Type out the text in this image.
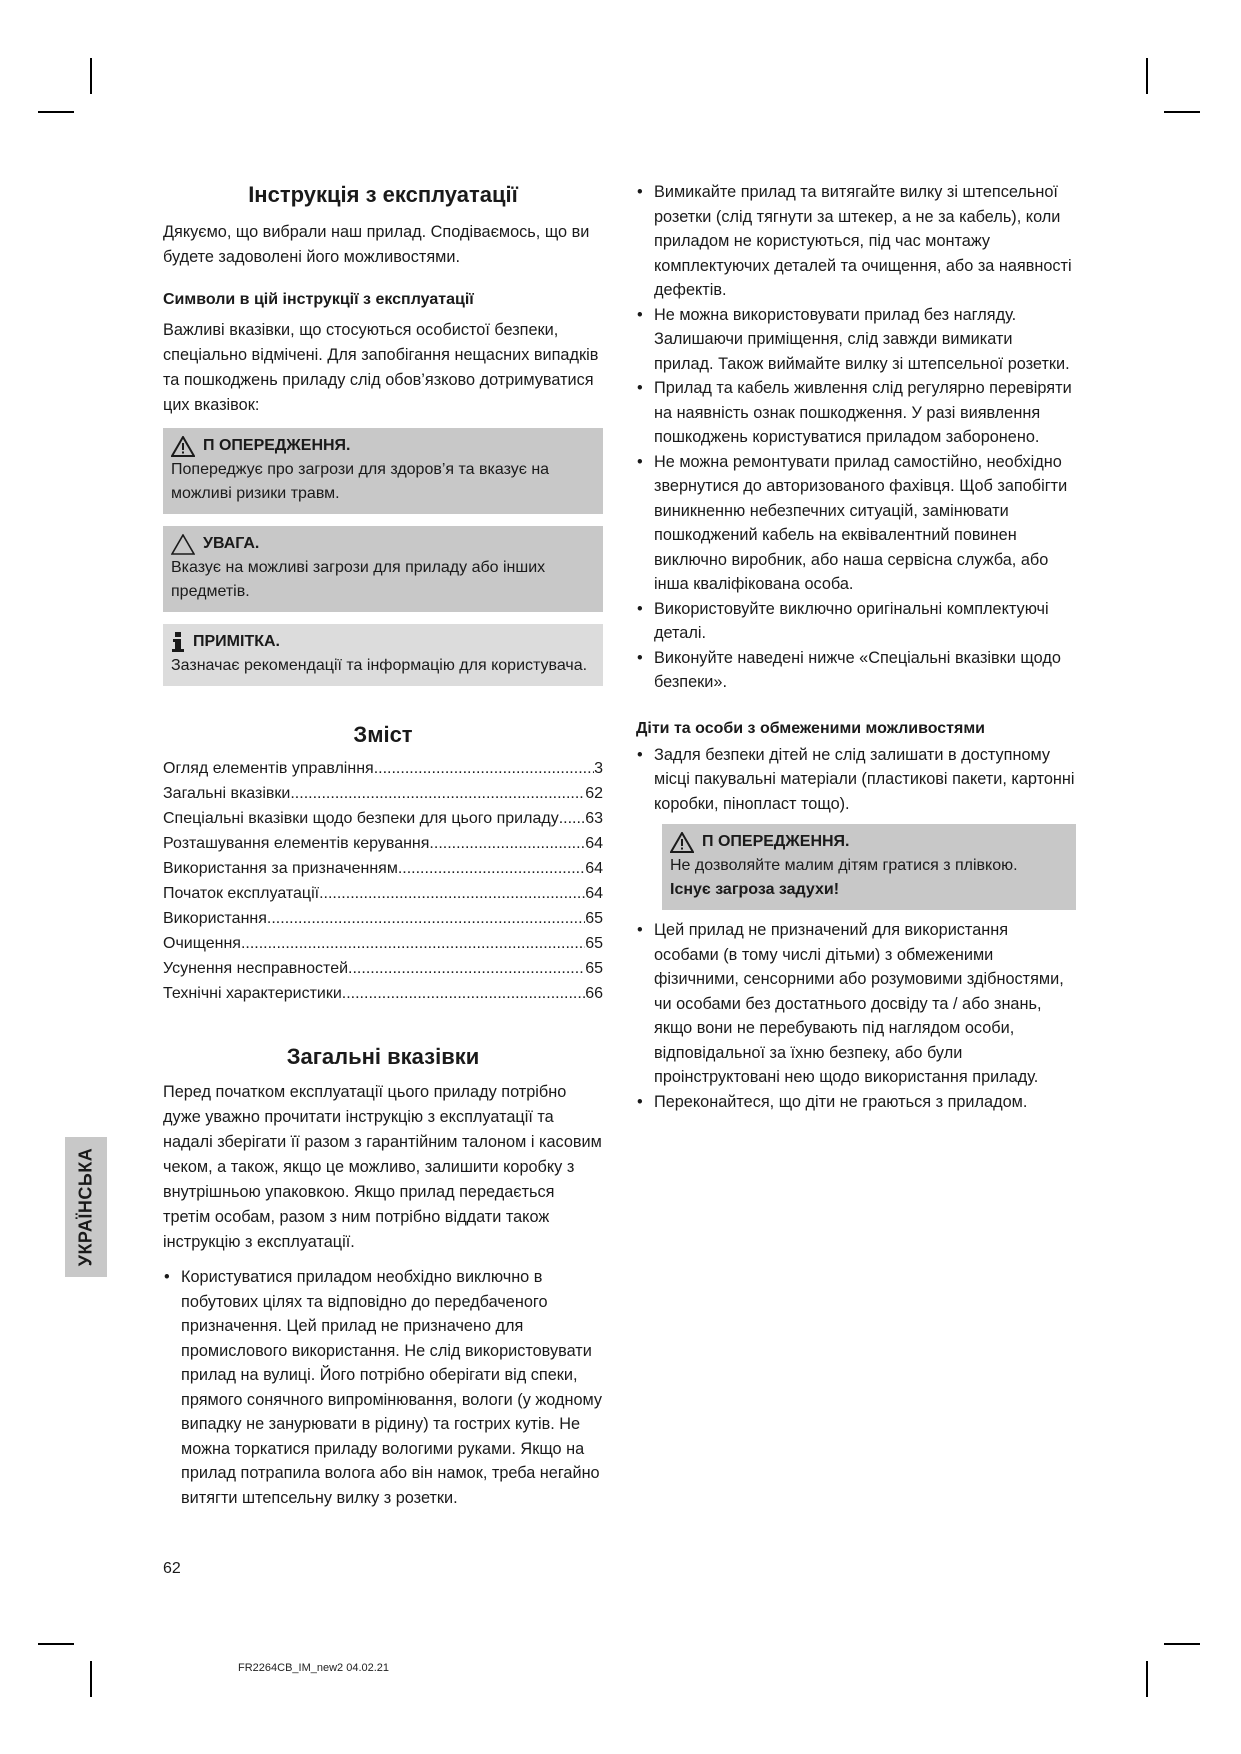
Інструкція з експлуатації

Дякуємо, що вибрали наш прилад. Сподіваємось, що ви будете задоволені його можливостями.

Символи в цій інструкції з експлуатації

Важливі вказівки, що стосуються особистої безпеки, спеціально відмічені. Для запобігання нещасних випадків та пошкоджень приладу слід обов’язково дотримуватися цих вказівок:

П ОПЕРЕДЖЕННЯ.
Попереджує про загрози для здоров’я та вказує на можливі ризики травм.
УВАГА.
Вказує на можливі загрози для приладу або інших предметів.
ПРИМІТКА.
Зазначає рекомендації та інформацію для користувача.
Зміст
Огляд елементів управління .....	3
Загальні вказівки .....	62
Спеціальні вказівки щодо безпеки для цього приладу ..... 63
Розташування елементів керування .....	64
Використання за призначенням .....	64
Початок експлуатації .....	64
Використання .....	65
Очищення .....	65
Усунення несправностей .....	65
Технічні характеристики .....	66
Загальні вказівки

Перед початком експлуатації цього приладу потрібно дуже уважно прочитати інструкцію з експлуатації та надалі зберігати її разом з гарантійним талоном і касовим чеком, а також, якщо це можливо, залишити коробку з внутрішньою упаковкою. Якщо прилад передається третім особам, разом з ним потрібно віддати також інструкцію з експлуатації.

• Користуватися приладом необхідно виключно в побутових цілях та відповідно до передбаченого призначення. Цей прилад не призначено для промислового використання. Не слід використовувати прилад на вулиці. Його потрібно оберігати від спеки, прямого сонячного випромінювання, вологи (у жодному випадку не занурювати в рідину) та гострих кутів. Не можна торкатися приладу вологими руками. Якщо на прилад потрапила волога або він намок, треба негайно витягти штепсельну вилку з розетки.
• Вимикайте прилад та витягайте вилку зі штепсельної розетки (слід тягнути за штекер, а не за кабель), коли приладом не користуються, під час монтажу комплектуючих деталей та очищення, або за наявності дефектів.
• Не можна використовувати прилад без нагляду. Залишаючи приміщення, слід завжди вимикати прилад. Також виймайте вилку зі штепсельної розетки.
• Прилад та кабель живлення слід регулярно перевіряти на наявність ознак пошкодження. У разі виявлення пошкоджень користуватися приладом заборонено.
• Не можна ремонтувати прилад самостійно, необхідно звернутися до авторизованого фахівця. Щоб запобігти виникненню небезпечних ситуацій, замінювати пошкоджений кабель на еквівалентний повинен виключно виробник, або наша сервісна служба, або інша кваліфікована особа.
• Використовуйте виключно оригінальні комплектуючі деталі.
• Виконуйте наведені нижче «Спеціальні вказівки щодо безпеки».

Діти та особи з обмеженими можливостями

• Задля безпеки дітей не слід залишати в доступному місці пакувальні матеріали (пластикові пакети, картонні коробки, пінопласт тощо).
П ОПЕРЕДЖЕННЯ.
Не дозволяйте малим дітям гратися з плівкою.
Існує загроза задухи!
• Цей прилад не призначений для використання особами (в тому числі дітьми) з обмеженими фізичними, сенсорними або розумовими здібностями, чи особами без достатнього досвіду та / або знань, якщо вони не перебувають під наглядом особи, відповідальної за їхню безпеку, або були проінструктовані нею щодо використання приладу.
• Переконайтеся, що діти не граються з приладом.
УКРАЇНСЬКА
62
FR2264CB_IM_new2 04.02.21
